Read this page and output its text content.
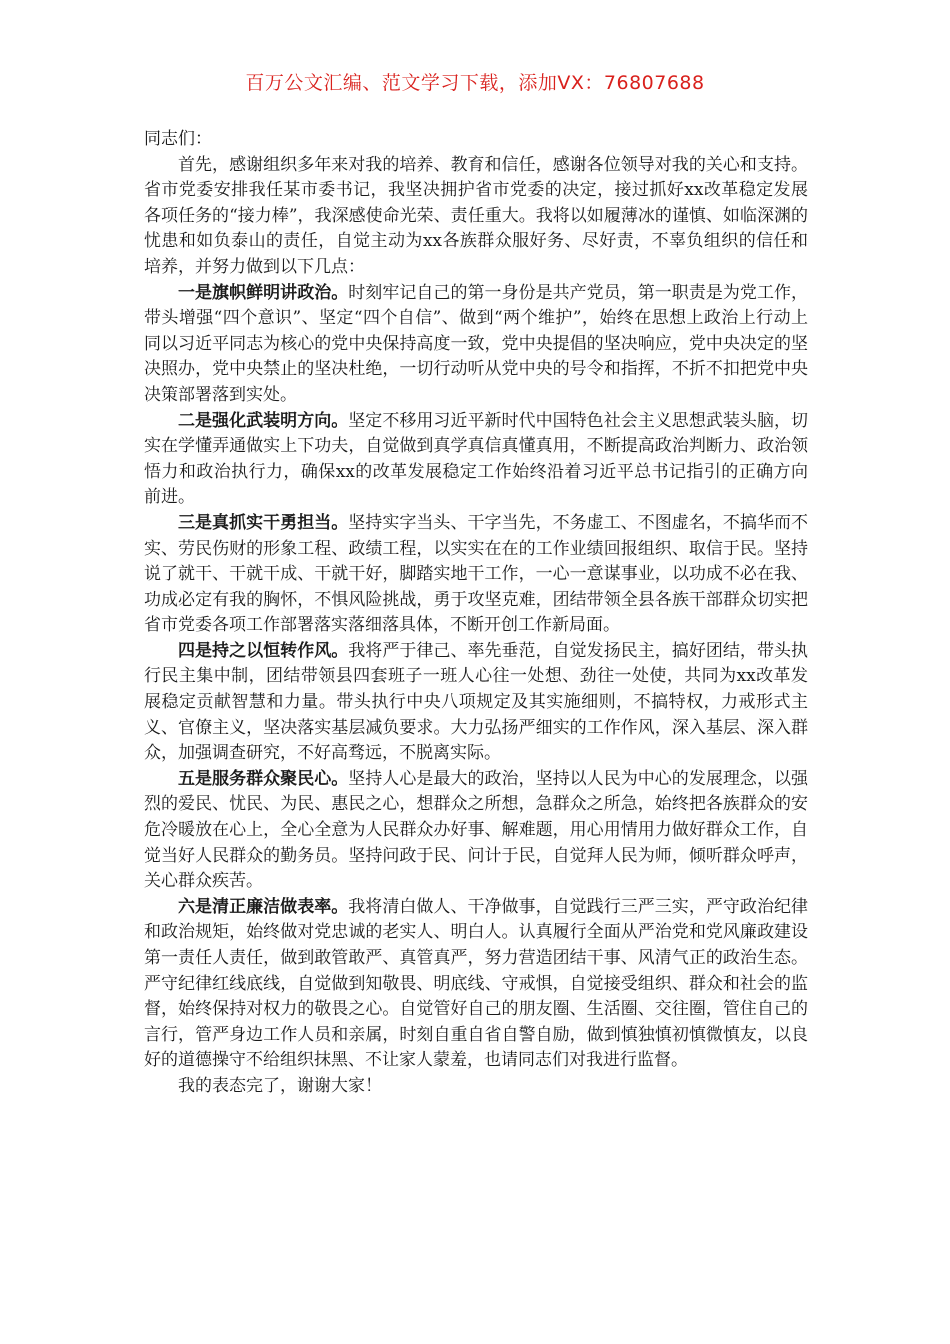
百万公文汇编、范文学习下载，添加VX：76807688

同志们：

首先，感谢组织多年来对我的培养、教育和信任，感谢各位领导对我的关心和支持。省市党委安排我任某市委书记，我坚决拥护省市党委的决定，接过抓好xx改革稳定发展各项任务的“接力棒”，我深感使命光荣、责任重大。我将以如履薄冰的谨慎、如临深渊的忧患和如负泰山的责任，自觉主动为xx各族群众服好务、尽好责，不辜负组织的信任和培养，并努力做到以下几点：

一是旗帜鲜明讲政治。时刻牢记自己的第一身份是共产党员，第一职责是为党工作，带头增强“四个意识”、坚定“四个自信”、做到“两个维护”，始终在思想上政治上行动上同以习近平同志为核心的党中央保持高度一致，党中央提倡的坚决响应，党中央决定的坚决照办，党中央禁止的坚决杜绝，一切行动听从党中央的号令和指挥，不折不扣把党中央决策部署落到实处。

二是强化武装明方向。坚定不移用习近平新时代中国特色社会主义思想武装头脑，切实在学懂弄通做实上下功夫，自觉做到真学真信真懂真用，不断提高政治判断力、政治领悟力和政治执行力，确保xx的改革发展稳定工作始终沿着习近平总书记指引的正确方向前进。

三是真抓实干勇担当。坚持实字当头、干字当先，不务虚工、不图虚名，不搞华而不实、劳民伤财的形象工程、政绩工程，以实实在在的工作业绩回报组织、取信于民。坚持说了就干、干就干成、干就干好，脚踏实地干工作，一心一意谋事业，以功成不必在我、功成必定有我的胸怀，不惧风险挑战，勇于攻坚克难，团结带领全县各族干部群众切实把省市党委各项工作部署落实落细落具体，不断开创工作新局面。

四是持之以恒转作风。我将严于律己、率先垂范，自觉发扬民主，搞好团结，带头执行民主集中制，团结带领县四套班子一班人心往一处想、劲往一处使，共同为xx改革发展稳定贡献智慧和力量。带头执行中央八项规定及其实施细则，不搞特权，力戒形式主义、官僚主义，坚决落实基层减负要求。大力弘扬严细实的工作作风，深入基层、深入群众，加强调查研究，不好高骛远，不脱离实际。

五是服务群众聚民心。坚持人心是最大的政治，坚持以人民为中心的发展理念，以强烈的爱民、忧民、为民、惠民之心，想群众之所想，急群众之所急，始终把各族群众的安危冷暖放在心上，全心全意为人民群众办好事、解难题，用心用情用力做好群众工作，自觉当好人民群众的勤务员。坚持问政于民、问计于民，自觉拜人民为师，倾听群众呼声，关心群众疾苦。

六是清正廉洁做表率。我将清白做人、干净做事，自觉践行三严三实，严守政治纪律和政治规矩，始终做对党忠诚的老实人、明白人。认真履行全面从严治党和党风廉政建设第一责任人责任，做到敢管敢严、真管真严，努力营造团结干事、风清气正的政治生态。严守纪律红线底线，自觉做到知敬畏、明底线、守戒惧，自觉接受组织、群众和社会的监督，始终保持对权力的敬畏之心。自觉管好自己的朋友圈、生活圈、交往圈，管住自己的言行，管严身边工作人员和亲属，时刻自重自省自警自励，做到慎独慎初慎微慎友，以良好的道德操守不给组织抹黑、不让家人蒙羞，也请同志们对我进行监督。

我的表态完了，谢谢大家！
